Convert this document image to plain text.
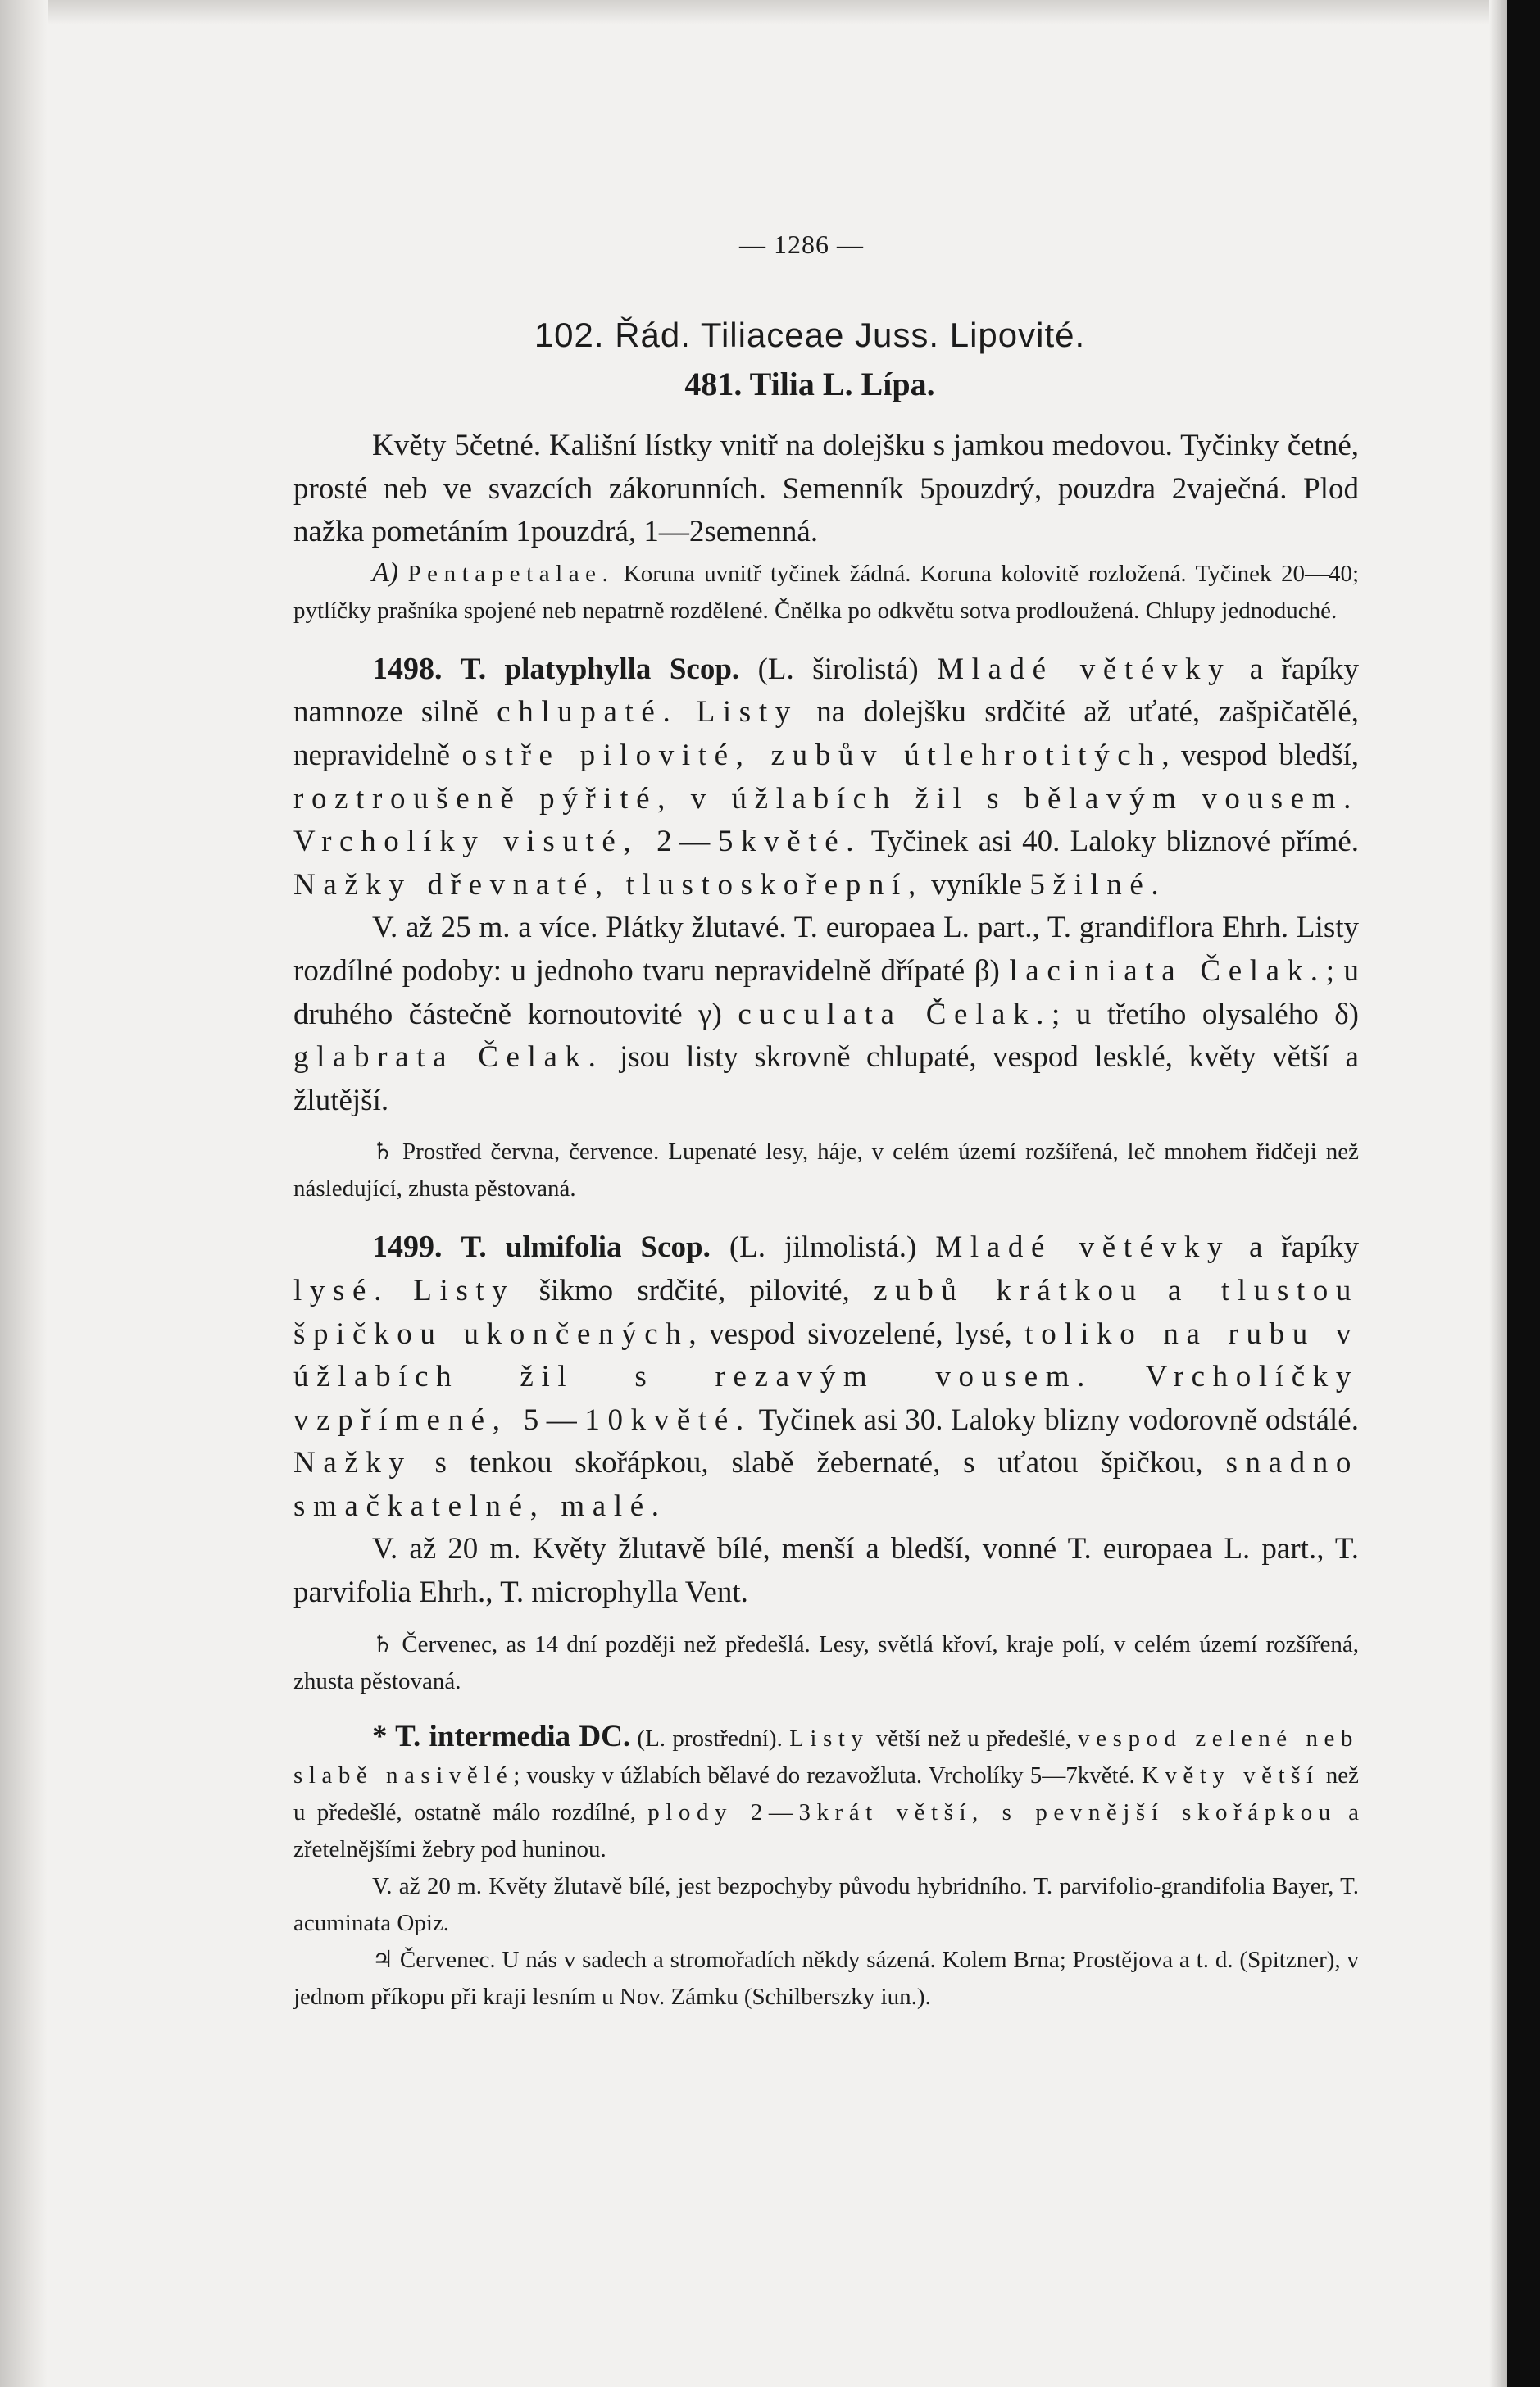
— 1286 —
102. Řád. Tiliaceae Juss. Lipovité.
481. Tilia L. Lípa.

Květy 5četné. Kališní lístky vnitř na dolejšku s jamkou medovou. Tyčinky četné, prosté neb ve svazcích zákorunních. Semenník 5pouzdrý, pouzdra 2vaječná. Plod nažka pometáním 1pouzdrá, 1—2semenná.

A) Pentapetalae. Koruna uvnitř tyčinek žádná. Koruna kolovitě rozložená. Tyčinek 20—40; pytlíčky prašníka spojené neb nepatrně rozdělené. Čnělka po odkvětu sotva prodloužená. Chlupy jednoduché.

1498. T. platyphylla Scop. (L. širolistá) Mladé větévky a řapíky namnoze silně chlupaté. Listy na dolejšku srdčité až uťaté, zašpičatělé, nepravidelně ostře pilovité, zubův útlehrotitých, vespod bledší, roztroušeně pýřité, v úžlabích žil s bělavým vousem. Vrcholíky visuté, 2—5květé. Tyčinek asi 40. Laloky bliznové přímé. Nažky dřevnaté, tlustoskořepní, vyníkle 5žilné.

V. až 25 m. a více. Plátky žlutavé. T. europaea L. part., T. grandiflora Ehrh. Listy rozdílné podoby: u jednoho tvaru nepravidelně dřípaté β) laciniata Čelak.; u druhého částečně kornoutovité γ) cuculata Čelak.; u třetího olysalého δ) glabrata Čelak. jsou listy skrovně chlupaté, vespod lesklé, květy větší a žlutější.

♄ Prostřed června, července. Lupenaté lesy, háje, v celém území rozšířená, leč mnohem řidčeji než následující, zhusta pěstovaná.

1499. T. ulmifolia Scop. (L. jilmolistá.) Mladé větévky a řapíky lysé. Listy šikmo srdčité, pilovité, zubů krátkou a tlustou špičkou ukončených, vespod sivozelené, lysé, toliko na rubu v úžlabích žil s rezavým vousem. Vrcholíčky vzpřímené, 5—10květé. Tyčinek asi 30. Laloky blizny vodorovně odstálé. Nažky s tenkou skořápkou, slabě žebernaté, s uťatou špičkou, snadno smačkatelné, malé.

V. až 20 m. Květy žlutavě bílé, menší a bledší, vonné T. europaea L. part., T. parvifolia Ehrh., T. microphylla Vent.

♄ Červenec, as 14 dní později než předešlá. Lesy, světlá křoví, kraje polí, v celém území rozšířená, zhusta pěstovaná.

* T. intermedia DC. (L. prostřední). Listy větší než u předešlé, vespod zelené neb slabě nasivělé; vousky v úžlabích bělavé do rezavožluta. Vrcholíky 5—7květé. Květy větší než u předešlé, ostatně málo rozdílné, plody 2—3krát větší, s pevnější skořápkou a zřetelnějšími žebry pod huninou.

V. až 20 m. Květy žlutavě bílé, jest bezpochyby původu hybridního. T. parvifolio-grandifolia Bayer, T. acuminata Opiz.

♃ Červenec. U nás v sadech a stromořadích někdy sázená. Kolem Brna; Prostějova a t. d. (Spitzner), v jednom příkopu při kraji lesním u Nov. Zámku (Schilberszky iun.).
